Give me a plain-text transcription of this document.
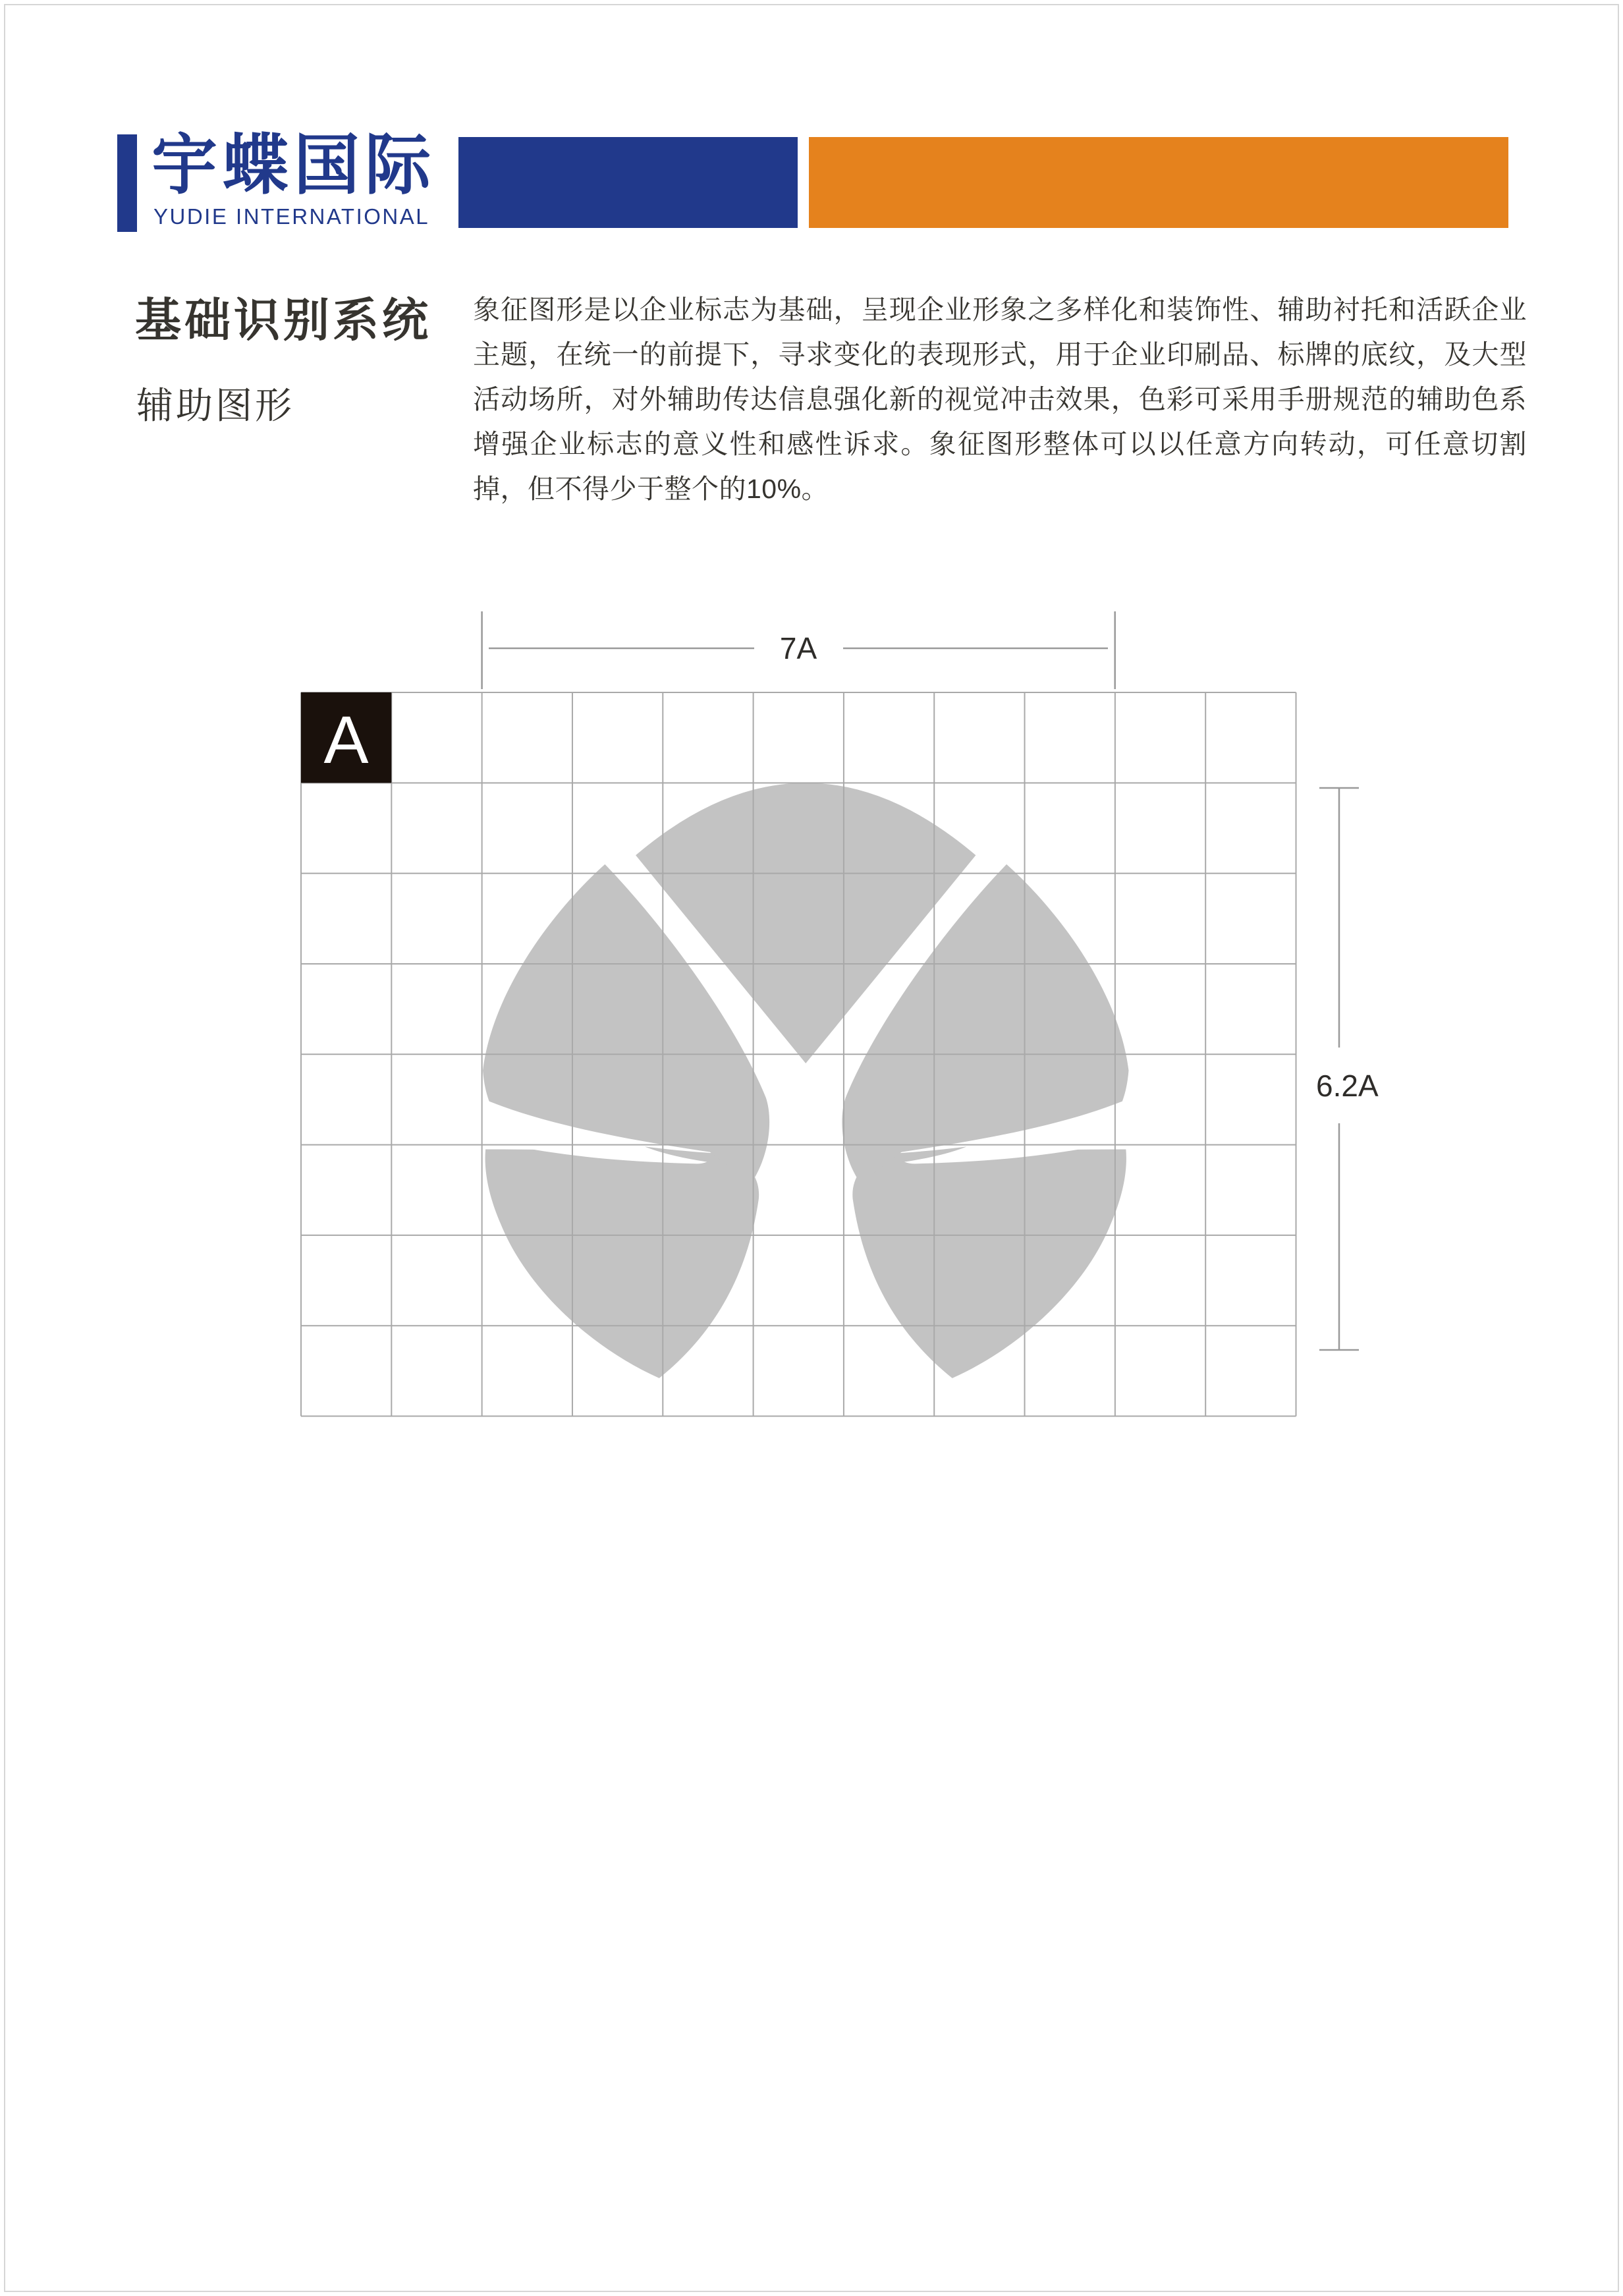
宇蝶国际
YUDIE INTERNATIONAL
基础识别系统
辅助图形

象征图形是以企业标志为基础，呈现企业形象之多样化和装饰性、辅助衬托和活跃企业主题，在统一的前提下，寻求变化的表现形式，用于企业印刷品、标牌的底纹，及大型活动场所，对外辅助传达信息强化新的视觉冲击效果，色彩可采用手册规范的辅助色系增强企业标志的意义性和感性诉求。象征图形整体可以以任意方向转动，可任意切割掉，但不得少于整个的10%。

A
7A
6.2A
